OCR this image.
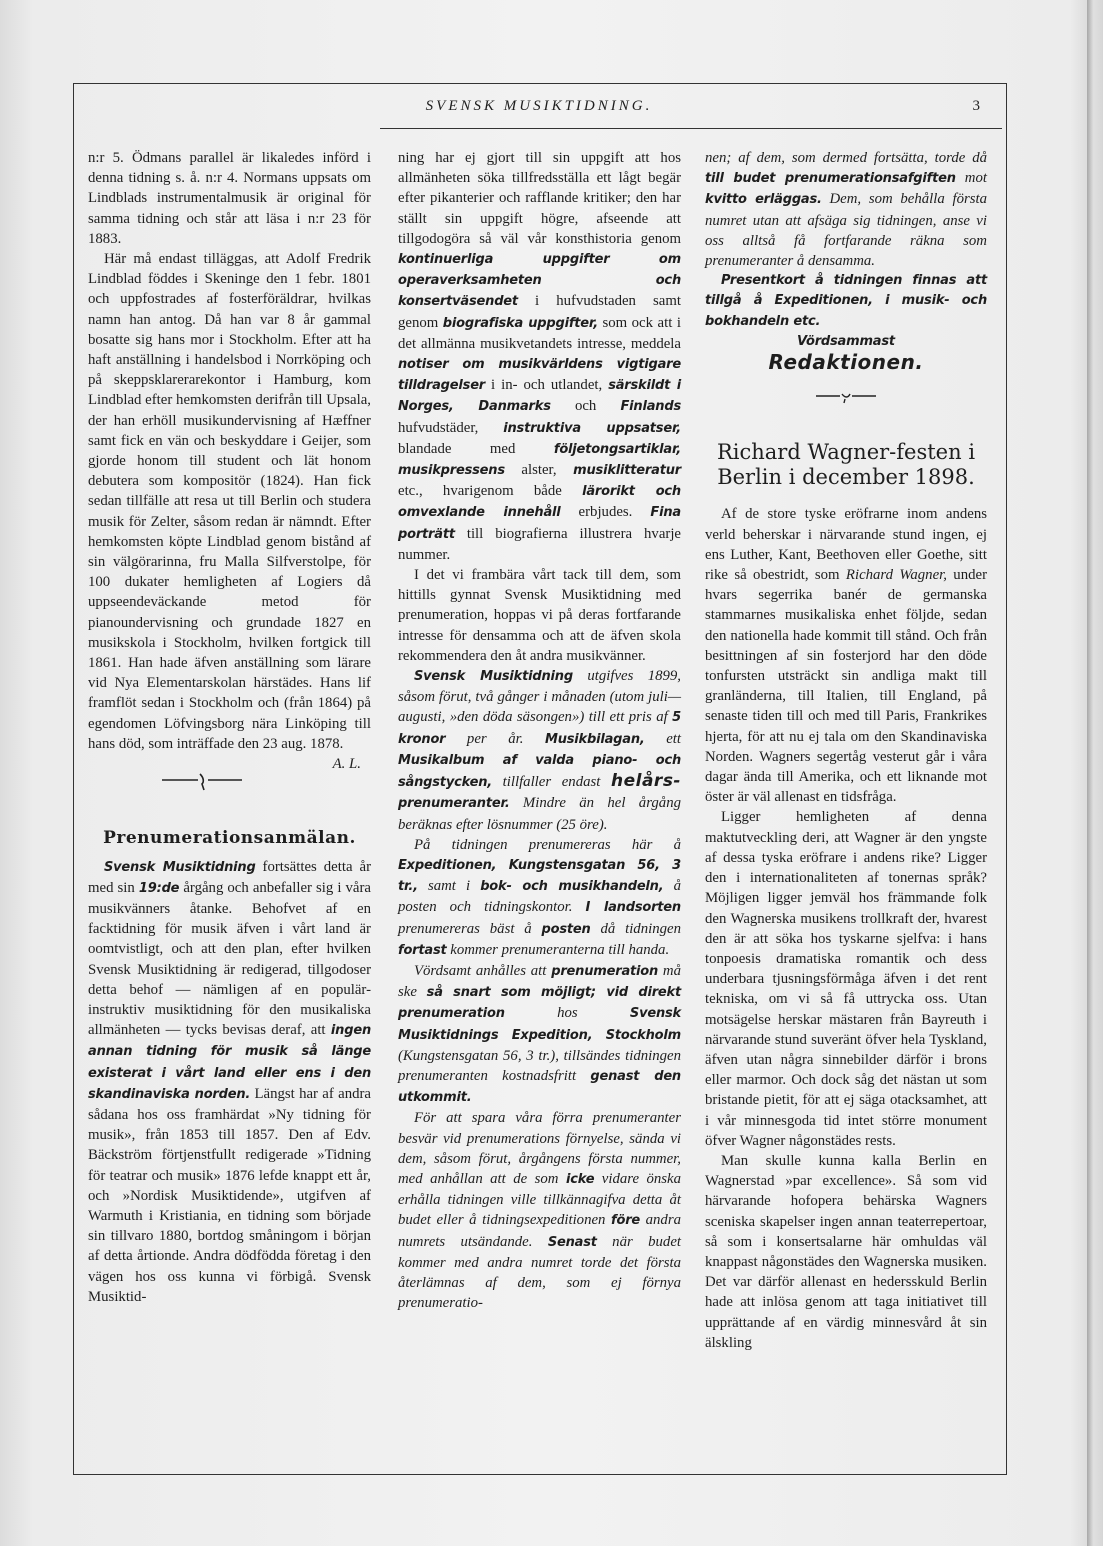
SVENSK MUSIKTIDNING.	3

n:r 5. Ödmans parallel är likaledes införd i denna tidning s. å. n:r 4. Normans uppsats om Lindblads instrumentalmusik är original för samma tidning och står att läsa i n:r 23 för 1883.

Här må endast tilläggas, att Adolf Fredrik Lindblad föddes i Skeninge den 1 febr. 1801 och uppfostrades af fosterföräldrar, hvilkas namn han antog. Då han var 8 år gammal bosatte sig hans mor i Stockholm. Efter att ha haft anställning i handelsbod i Norrköping och på skeppsklarerarekontor i Hamburg, kom Lindblad efter hemkomsten derifrån till Upsala, der han erhöll musikundervisning af Hæffner samt fick en vän och beskyddare i Geijer, som gjorde honom till student och lät honom debutera som kompositör (1824). Han fick sedan tillfälle att resa ut till Berlin och studera musik för Zelter, såsom redan är nämndt. Efter hemkomsten köpte Lindblad genom bistånd af sin välgörarinna, fru Malla Silfverstolpe, för 100 dukater hemligheten af Logiers då uppseendeväckande metod för pianoundervisning och grundade 1827 en musikskola i Stockholm, hvilken fortgick till 1861. Han hade äfven anställning som lärare vid Nya Elementarskolan härstädes. Hans lif framflöt sedan i Stockholm och (från 1864) på egendomen Löfvingsborg nära Linköping till hans död, som inträffade den 23 aug. 1878.
A. L.

Prenumerationsanmälan.

Svensk Musiktidning fortsättes detta år med sin 19:de årgång och anbefaller sig i våra musikvänners åtanke. Behofvet af en facktidning för musik äfven i vårt land är oomtvistligt, och att den plan, efter hvilken Svensk Musiktidning är redigerad, tillgodoser detta behof — nämligen af en populär-instruktiv musiktidning för den musikaliska allmänheten — tycks bevisas deraf, att ingen annan tidning för musik så länge existerat i vårt land eller ens i den skandinaviska norden. Längst har af andra sådana hos oss framhärdat »Ny tidning för musik», från 1853 till 1857. Den af Edv. Bäckström förtjenstfullt redigerade »Tidning för teatrar och musik» 1876 lefde knappt ett år, och »Nordisk Musiktidende», utgifven af Warmuth i Kristiania, en tidning som började sin tillvaro 1880, bortdog småningom i början af detta årtionde. Andra dödfödda företag i den vägen hos oss kunna vi förbigå. Svensk Musiktid-

ning har ej gjort till sin uppgift att hos allmänheten söka tillfredsställa ett lågt begär efter pikanterier och rafflande kritiker; den har ställt sin uppgift högre, afseende att tillgodogöra så väl vår konsthistoria genom kontinuerliga uppgifter om operaverksamheten och konsertväsendet i hufvudstaden samt genom biografiska uppgifter, som ock att i det allmänna musikvetandets intresse, meddela notiser om musikvärldens vigtigare tilldragelser i in- och utlandet, särskildt i Norges, Danmarks och Finlands hufvudstäder, instruktiva uppsatser, blandade med följetongsartiklar, musikpressens alster, musiklitteratur etc., hvarigenom både lärorikt och omvexlande innehåll erbjudes. Fina porträtt till biografierna illustrera hvarje nummer.

I det vi frambära vårt tack till dem, som hittills gynnat Svensk Musiktidning med prenumeration, hoppas vi på deras fortfarande intresse för densamma och att de äfven skola rekommendera den åt andra musikvänner.

Svensk Musiktidning utgifves 1899, såsom förut, två gånger i månaden (utom juli—augusti, »den döda säsongen») till ett pris af 5 kronor per år. Musikbilagan, ett Musikalbum af valda piano- och sångstycken, tillfaller endast helårs-prenumeranter. Mindre än hel årgång beräknas efter lösnummer (25 öre).

På tidningen prenumereras här å Expeditionen, Kungstensgatan 56, 3 tr., samt i bok- och musikhandeln, å posten och tidningskontor. I landsorten prenumereras bäst å posten då tidningen fortast kommer prenumeranterna till handa.

Vördsamt anhålles att prenumeration må ske så snart som möjligt; vid direkt prenumeration hos Svensk Musiktidnings Expedition, Stockholm (Kungstensgatan 56, 3 tr.), tillsändes tidningen prenumeranten kostnadsfritt genast den utkommit.

För att spara våra förra prenumeranter besvär vid prenumerations förnyelse, sända vi dem, såsom förut, årgångens första nummer, med anhållan att de som icke vidare önska erhålla tidningen ville tillkännagifva detta åt budet eller å tidningsexpeditionen före andra numrets utsändande. Senast när budet kommer med andra numret torde det första återlämnas af dem, som ej förnya prenumeratio-

nen; af dem, som dermed fortsätta, torde då till budet prenumerationsafgiften mot kvitto erläggas. Dem, som behålla första numret utan att afsäga sig tidningen, anse vi oss alltså få fortfarande räkna som prenumeranter å densamma.

Presentkort å tidningen finnas att tillgå å Expeditionen, i musik- och bokhandeln etc.

Vördsammast

Redaktionen.
Richard Wagner-festen i Berlin i december 1898.

Af de store tyske eröfrarne inom andens verld beherskar i närvarande stund ingen, ej ens Luther, Kant, Beethoven eller Goethe, sitt rike så obestridt, som Richard Wagner, under hvars segerrika banér de germanska stammarnes musikaliska enhet följde, sedan den nationella hade kommit till stånd. Och från besittningen af sin fosterjord har den döde tonfursten utsträckt sin andliga makt till granländerna, till Italien, till England, på senaste tiden till och med till Paris, Frankrikes hjerta, för att nu ej tala om den Skandinaviska Norden. Wagners segertåg vesterut går i våra dagar ända till Amerika, och ett liknande mot öster är väl allenast en tidsfråga.

Ligger hemligheten af denna maktutveckling deri, att Wagner är den yngste af dessa tyska eröfrare i andens rike? Ligger den i internationaliteten af tonernas språk? Möjligen ligger jemväl hos främmande folk den Wagnerska musikens trollkraft der, hvarest den är att söka hos tyskarne sjelfva: i hans tonpoesis dramatiska romantik och dess underbara tjusningsförmåga äfven i det rent tekniska, om vi så få uttrycka oss. Utan motsägelse herskar mästaren från Bayreuth i närvarande stund suveränt öfver hela Tyskland, äfven utan några sinnebilder därför i brons eller marmor. Och dock såg det nästan ut som bristande pietit, för att ej säga otacksamhet, att i vår minnesgoda tid intet större monument öfver Wagner någonstädes rests.

Man skulle kunna kalla Berlin en Wagnerstad »par excellence». Så som vid härvarande hofopera behärska Wagners sceniska skapelser ingen annan teaterrepertoar, så som i konsertsalarne här omhuldas väl knappast någonstädes den Wagnerska musiken. Det var därför allenast en hedersskuld Berlin hade att inlösa genom att taga initiativet till upprättande af en värdig minnesvård åt sin älskling
